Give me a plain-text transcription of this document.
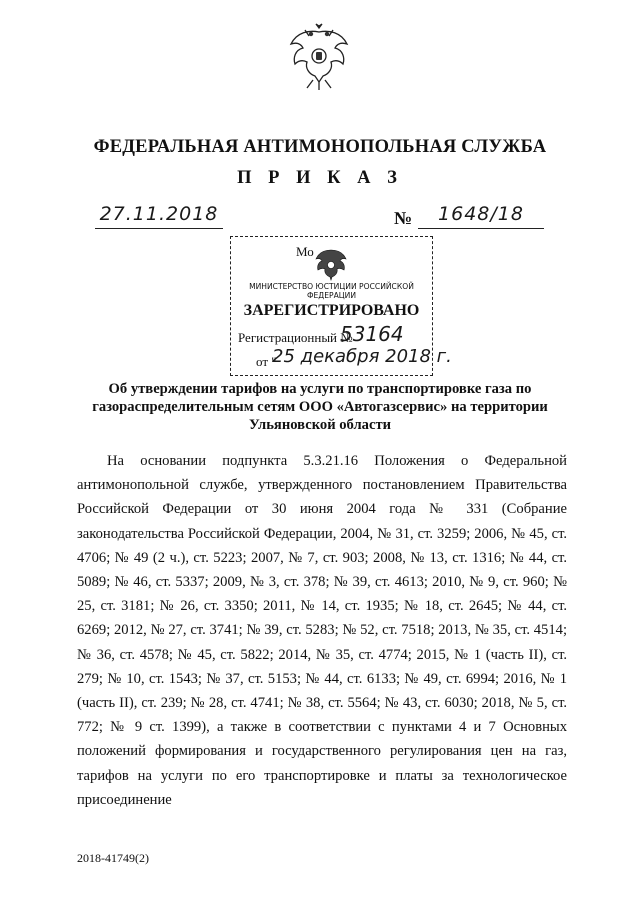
ФЕДЕРАЛЬНАЯ АНТИМОНОПОЛЬНАЯ СЛУЖБА
П Р И К А З
27.11.2018	№	1648/18
Мо
МИНИСТЕРСТВО ЮСТИЦИИ РОССИЙСКОЙ ФЕДЕРАЦИИ
ЗАРЕГИСТРИРОВАНО
Регистрационный №
53164
от "
25 декабря 2018 г.
Об утверждении тарифов на услуги по транспортировке газа по газораспределительным сетям ООО «Автогазсервис» на территории Ульяновской области
На основании подпункта 5.3.21.16 Положения о Федеральной антимонопольной службе, утвержденного постановлением Правительства Российской Федерации от 30 июня 2004 года № 331 (Собрание законодательства Российской Федерации, 2004, № 31, ст. 3259; 2006, № 45, ст. 4706; № 49 (2 ч.), ст. 5223; 2007, № 7, ст. 903; 2008, № 13, ст. 1316; № 44, ст. 5089; № 46, ст. 5337; 2009, № 3, ст. 378; № 39, ст. 4613; 2010, № 9, ст. 960; № 25, ст. 3181; № 26, ст. 3350; 2011, № 14, ст. 1935; № 18, ст. 2645; № 44, ст. 6269; 2012, № 27, ст. 3741; № 39, ст. 5283; № 52, ст. 7518; 2013, № 35, ст. 4514; № 36, ст. 4578; № 45, ст. 5822; 2014, № 35, ст. 4774; 2015, № 1 (часть II), ст. 279; № 10, ст. 1543; № 37, ст. 5153; № 44, ст. 6133; № 49, ст. 6994; 2016, № 1 (часть II), ст. 239; № 28, ст. 4741; № 38, ст. 5564; № 43, ст. 6030; 2018, № 5, ст. 772; № 9 ст. 1399), а также в соответствии с пунктами 4 и 7 Основных положений формирования и государственного регулирования цен на газ, тарифов на услуги по его транспортировке и платы за технологическое присоединение
2018-41749(2)
